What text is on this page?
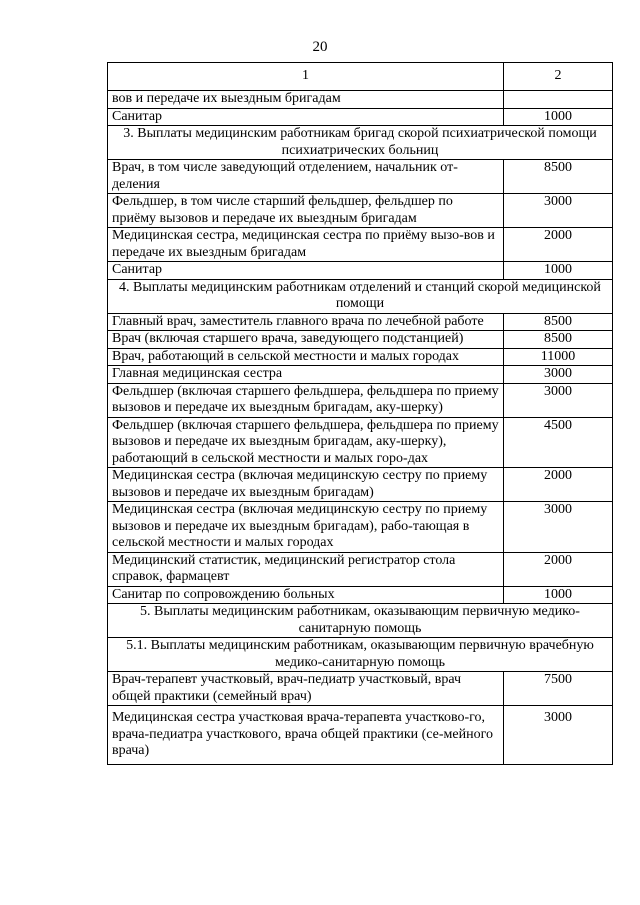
20
1	2
вов и передаче их выездным бригадам	
Санитар	1000
3. Выплаты медицинским работникам бригад скорой психиатрической помощи психиатрических больниц	
Врач, в том числе заведующий отделением, начальник от-деления	8500
Фельдшер, в том числе старший фельдшер, фельдшер по приёму вызовов и передаче их выездным бригадам	3000
Медицинская сестра, медицинская сестра по приёму вызо-вов и передаче их выездным бригадам	2000
Санитар	1000
4. Выплаты медицинским работникам отделений и станций скорой медицинской помощи	
Главный врач, заместитель главного врача по лечебной работе	8500
Врач (включая старшего врача, заведующего подстанцией)	8500
Врач, работающий в сельской местности и малых городах	11000
Главная медицинская сестра	3000
Фельдшер (включая старшего фельдшера, фельдшера по приему вызовов и передаче их выездным бригадам, аку-шерку)	3000
Фельдшер (включая старшего фельдшера, фельдшера по приему вызовов и передаче их выездным бригадам, аку-шерку), работающий в сельской местности и малых горо-дах	4500
Медицинская сестра (включая медицинскую сестру по приему вызовов и передаче их выездным бригадам)	2000
Медицинская сестра (включая медицинскую сестру по приему вызовов и передаче их выездным бригадам), рабо-тающая в сельской местности и малых городах	3000
Медицинский статистик, медицинский регистратор стола справок, фармацевт	2000
Санитар по сопровождению больных	1000
5. Выплаты медицинским работникам, оказывающим первичную медико-санитарную помощь	
5.1. Выплаты медицинским работникам, оказывающим первичную врачебную медико-санитарную помощь	
Врач-терапевт участковый, врач-педиатр участковый, врач общей практики (семейный врач)	7500
Медицинская сестра участковая врача-терапевта участково-го, врача-педиатра участкового, врача общей практики (се-мейного врача)	3000
